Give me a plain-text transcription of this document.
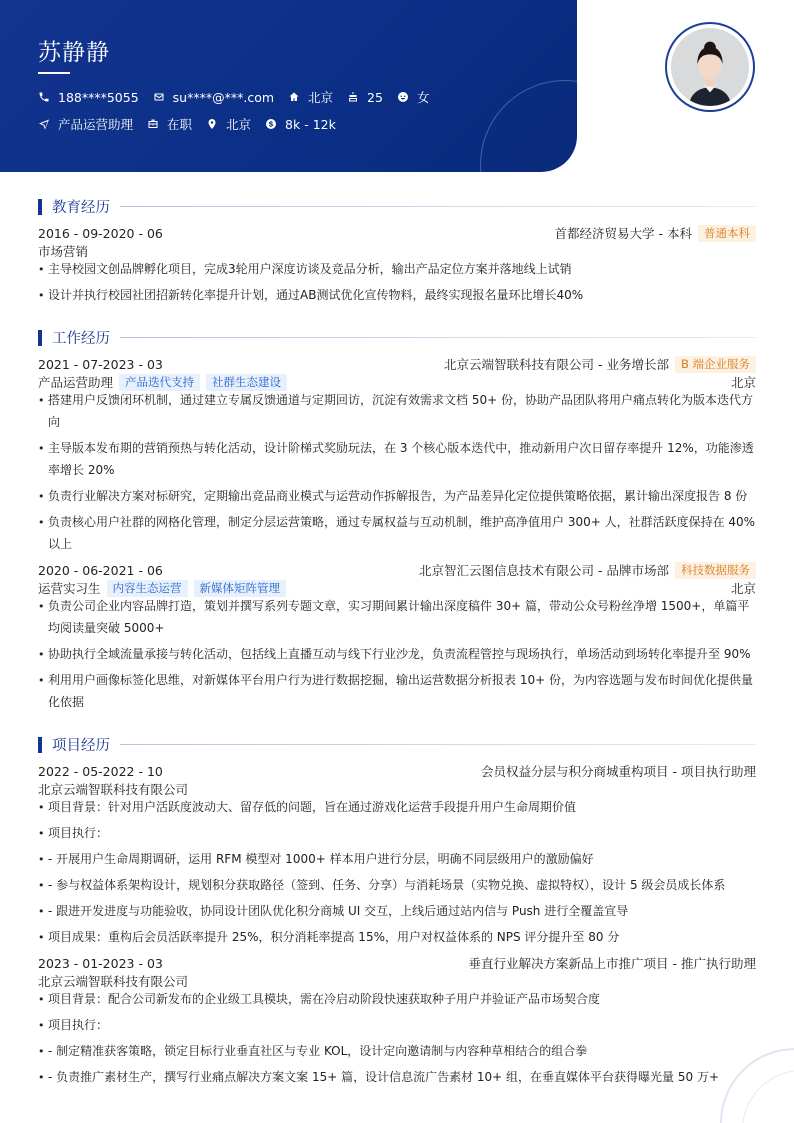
苏静静
188****5055	su****@***.com	北京	25	女
产品运营助理	在职	北京	8k - 12k
教育经历
2016 - 09-2020 - 06	首都经济贸易大学 - 本科	普通本科
市场营销
• 主导校园文创品牌孵化项目，完成3轮用户深度访谈及竞品分析，输出产品定位方案并落地线上试销
• 设计并执行校园社团招新转化率提升计划，通过AB测试优化宣传物料，最终实现报名量环比增长40%
工作经历
2021 - 07-2023 - 03	北京云端智联科技有限公司 - 业务增长部	B 端企业服务
产品运营助理	产品迭代支持	社群生态建设	北京
• 搭建用户反馈闭环机制，通过建立专属反馈通道与定期回访，沉淀有效需求文档 50+ 份，协助产品团队将用户痛点转化为版本迭代方向
• 主导版本发布期的营销预热与转化活动，设计阶梯式奖励玩法，在 3 个核心版本迭代中，推动新用户次日留存率提升 12%，功能渗透率增长 20%
• 负责行业解决方案对标研究，定期输出竞品商业模式与运营动作拆解报告，为产品差异化定位提供策略依据，累计输出深度报告 8 份
• 负责核心用户社群的网格化管理，制定分层运营策略，通过专属权益与互动机制，维护高净值用户 300+ 人，社群活跃度保持在 40% 以上
2020 - 06-2021 - 06	北京智汇云图信息技术有限公司 - 品牌市场部	科技数据服务
运营实习生	内容生态运营	新媒体矩阵管理	北京
• 负责公司企业内容品牌打造，策划并撰写系列专题文章，实习期间累计输出深度稿件 30+ 篇，带动公众号粉丝净增 1500+，单篇平均阅读量突破 5000+
• 协助执行全域流量承接与转化活动，包括线上直播互动与线下行业沙龙，负责流程管控与现场执行，单场活动到场转化率提升至 90%
• 利用用户画像标签化思维，对新媒体平台用户行为进行数据挖掘，输出运营数据分析报表 10+ 份，为内容选题与发布时间优化提供量化依据
项目经历
2022 - 05-2022 - 10	会员权益分层与积分商城重构项目 - 项目执行助理
北京云端智联科技有限公司
• 项目背景：针对用户活跃度波动大、留存低的问题，旨在通过游戏化运营手段提升用户生命周期价值
• 项目执行：
• - 开展用户生命周期调研，运用 RFM 模型对 1000+ 样本用户进行分层，明确不同层级用户的激励偏好
• - 参与权益体系架构设计，规划积分获取路径（签到、任务、分享）与消耗场景（实物兑换、虚拟特权），设计 5 级会员成长体系
• - 跟进开发进度与功能验收，协同设计团队优化积分商城 UI 交互，上线后通过站内信与 Push 进行全覆盖宣导
• 项目成果：重构后会员活跃率提升 25%，积分消耗率提高 15%，用户对权益体系的 NPS 评分提升至 80 分
2023 - 01-2023 - 03	垂直行业解决方案新品上市推广项目 - 推广执行助理
北京云端智联科技有限公司
• 项目背景：配合公司新发布的企业级工具模块，需在冷启动阶段快速获取种子用户并验证产品市场契合度
• 项目执行：
• - 制定精准获客策略，锁定目标行业垂直社区与专业 KOL，设计定向邀请制与内容种草相结合的组合拳
• - 负责推广素材生产，撰写行业痛点解决方案文案 15+ 篇，设计信息流广告素材 10+ 组，在垂直媒体平台获得曝光量 50 万+
